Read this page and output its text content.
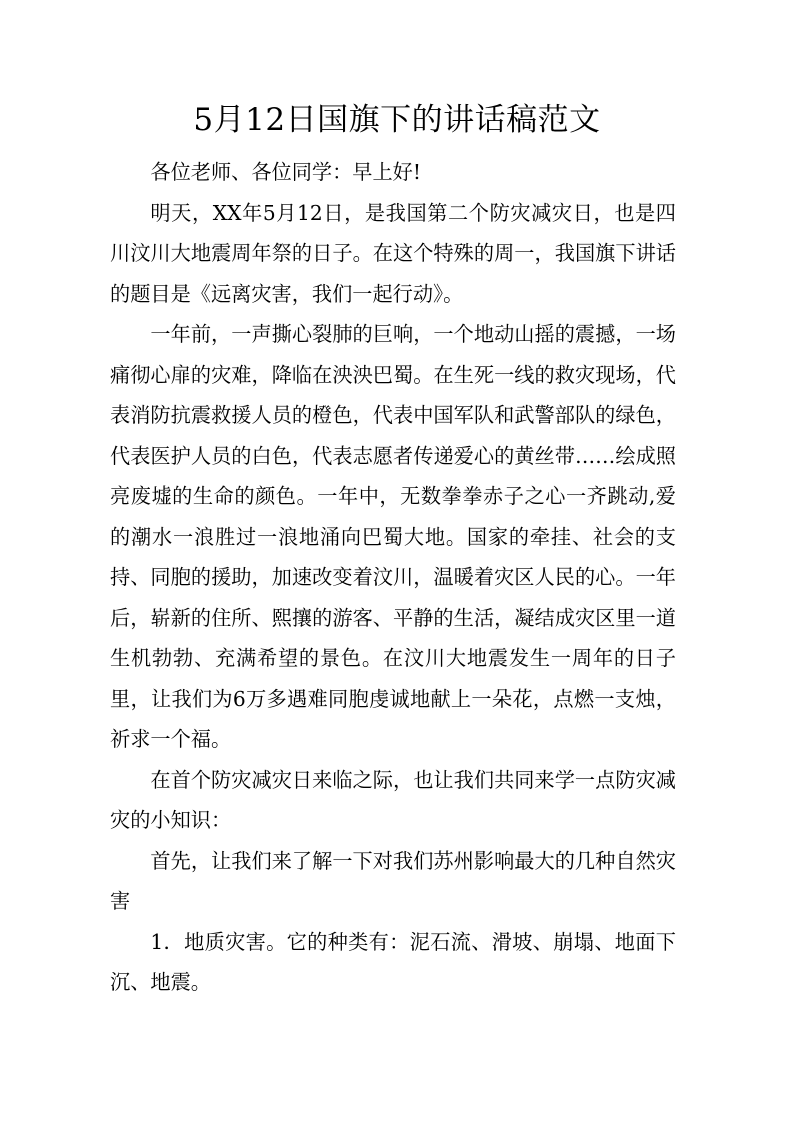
5月12日国旗下的讲话稿范文

各位老师、各位同学：早上好!

明天，XX年5月12日，是我国第二个防灾减灾日，也是四川汶川大地震周年祭的日子。在这个特殊的周一，我国旗下讲话的题目是《远离灾害，我们一起行动》。

一年前，一声撕心裂肺的巨响，一个地动山摇的震撼，一场痛彻心扉的灾难，降临在泱泱巴蜀。在生死一线的救灾现场，代表消防抗震救援人员的橙色，代表中国军队和武警部队的绿色，代表医护人员的白色，代表志愿者传递爱心的黄丝带……绘成照亮废墟的生命的颜色。一年中，无数拳拳赤子之心一齐跳动,爱的潮水一浪胜过一浪地涌向巴蜀大地。国家的牵挂、社会的支持、同胞的援助，加速改变着汶川，温暖着灾区人民的心。一年后，崭新的住所、熙攘的游客、平静的生活，凝结成灾区里一道生机勃勃、充满希望的景色。在汶川大地震发生一周年的日子里，让我们为6万多遇难同胞虔诚地献上一朵花，点燃一支烛，祈求一个福。

在首个防灾减灾日来临之际，也让我们共同来学一点防灾减灾的小知识：

首先，让我们来了解一下对我们苏州影响最大的几种自然灾害

1．地质灾害。它的种类有：泥石流、滑坡、崩塌、地面下沉、地震。
